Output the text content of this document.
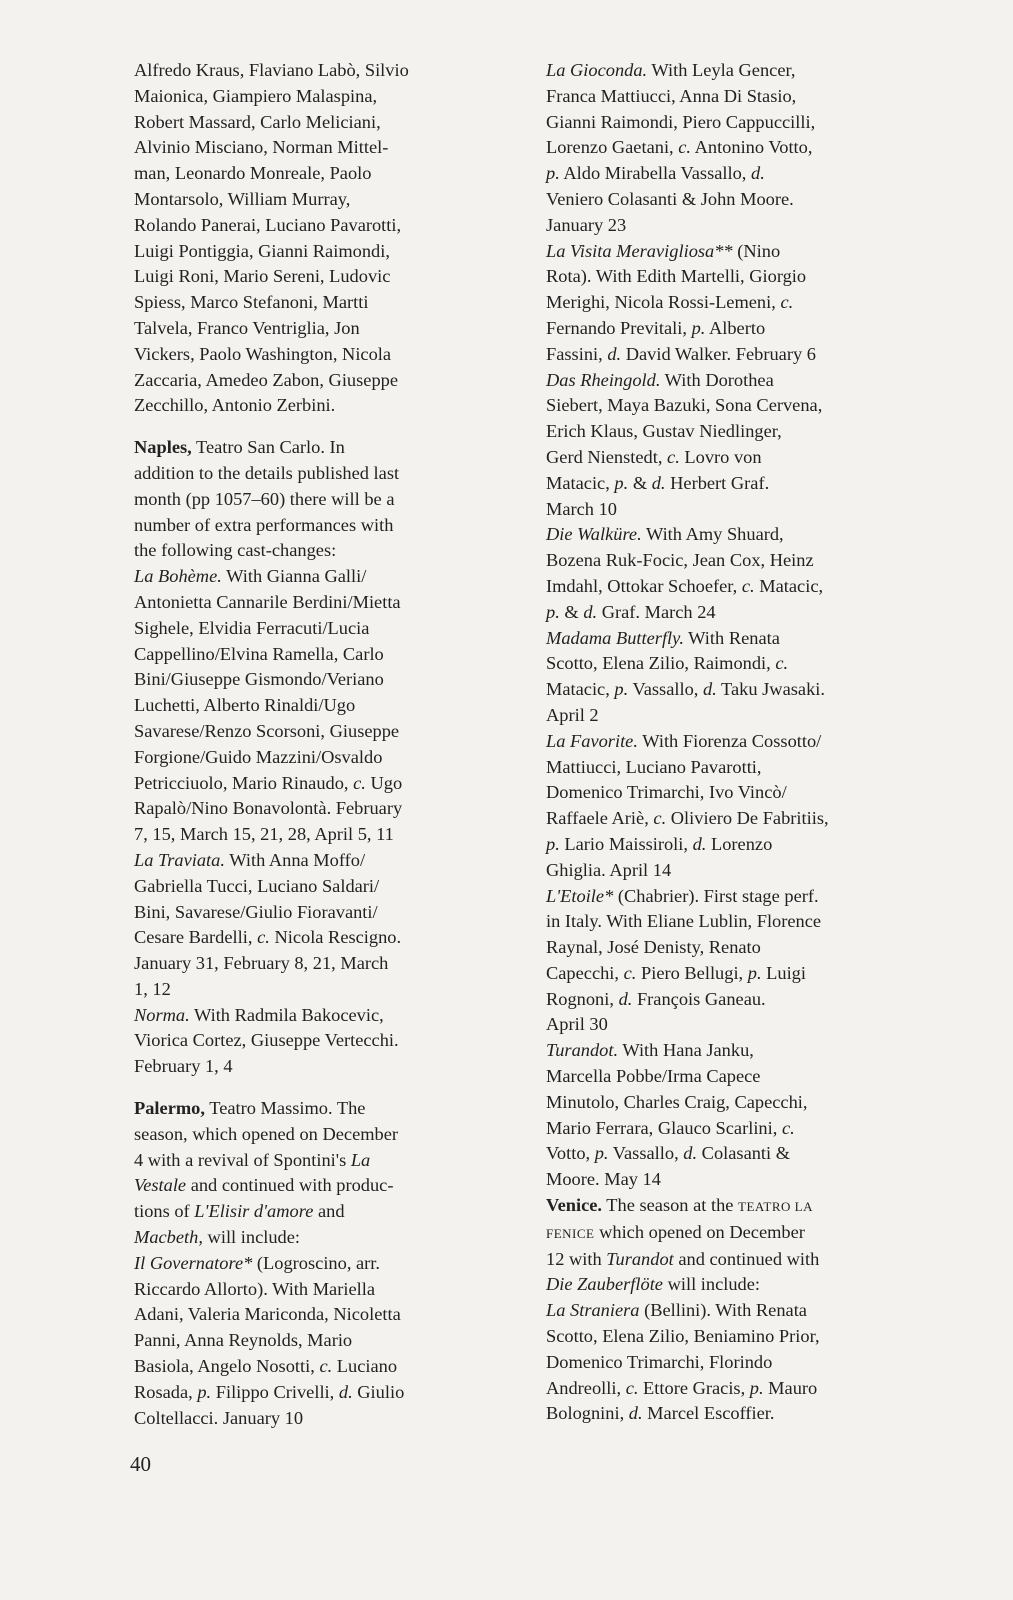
Alfredo Kraus, Flaviano Labò, Silvio
Maionica, Giampiero Malaspina,
Robert Massard, Carlo Meliciani,
Alvinio Misciano, Norman Mittel-
man, Leonardo Monreale, Paolo
Montarsolo, William Murray,
Rolando Panerai, Luciano Pavarotti,
Luigi Pontiggia, Gianni Raimondi,
Luigi Roni, Mario Sereni, Ludovic
Spiess, Marco Stefanoni, Martti
Talvela, Franco Ventriglia, Jon
Vickers, Paolo Washington, Nicola
Zaccaria, Amedeo Zabon, Giuseppe
Zecchillo, Antonio Zerbini.
Naples, Teatro San Carlo. In
addition to the details published last
month (pp 1057–60) there will be a
number of extra performances with
the following cast-changes:
La Bohème. With Gianna Galli/
Antonietta Cannarile Berdini/Mietta
Sighele, Elvidia Ferracuti/Lucia
Cappellino/Elvina Ramella, Carlo
Bini/Giuseppe Gismondo/Veriano
Luchetti, Alberto Rinaldi/Ugo
Savarese/Renzo Scorsoni, Giuseppe
Forgione/Guido Mazzini/Osvaldo
Petricciuolo, Mario Rinaudo, c. Ugo
Rapalò/Nino Bonavolontà. February
7, 15, March 15, 21, 28, April 5, 11
La Traviata. With Anna Moffo/
Gabriella Tucci, Luciano Saldari/
Bini, Savarese/Giulio Fioravanti/
Cesare Bardelli, c. Nicola Rescigno.
January 31, February 8, 21, March
1, 12
Norma. With Radmila Bakocevic,
Viorica Cortez, Giuseppe Vertecchi.
February 1, 4
Palermo, Teatro Massimo. The
season, which opened on December
4 with a revival of Spontini's La
Vestale and continued with produc-
tions of L'Elisir d'amore and
Macbeth, will include:
Il Governatore* (Logroscino, arr.
Riccardo Allorto). With Mariella
Adani, Valeria Mariconda, Nicoletta
Panni, Anna Reynolds, Mario
Basiola, Angelo Nosotti, c. Luciano
Rosada, p. Filippo Crivelli, d. Giulio
Coltellacci. January 10
La Gioconda. With Leyla Gencer,
Franca Mattiucci, Anna Di Stasio,
Gianni Raimondi, Piero Cappuccilli,
Lorenzo Gaetani, c. Antonino Votto,
p. Aldo Mirabella Vassallo, d.
Veniero Colasanti & John Moore.
January 23
La Visita Meravigliosa** (Nino
Rota). With Edith Martelli, Giorgio
Merighi, Nicola Rossi-Lemeni, c.
Fernando Previtali, p. Alberto
Fassini, d. David Walker. February 6
Das Rheingold. With Dorothea
Siebert, Maya Bazuki, Sona Cervena,
Erich Klaus, Gustav Niedlinger,
Gerd Nienstedt, c. Lovro von
Matacic, p. & d. Herbert Graf.
March 10
Die Walküre. With Amy Shuard,
Bozena Ruk-Focic, Jean Cox, Heinz
Imdahl, Ottokar Schoefer, c. Matacic,
p. & d. Graf. March 24
Madama Butterfly. With Renata
Scotto, Elena Zilio, Raimondi, c.
Matacic, p. Vassallo, d. Taku Jwasaki.
April 2
La Favorite. With Fiorenza Cossotto/
Mattiucci, Luciano Pavarotti,
Domenico Trimarchi, Ivo Vincò/
Raffaele Ariè, c. Oliviero De Fabritiis,
p. Lario Maissiroli, d. Lorenzo
Ghiglia. April 14
L'Etoile* (Chabrier). First stage perf.
in Italy. With Eliane Lublin, Florence
Raynal, José Denisty, Renato
Capecchi, c. Piero Bellugi, p. Luigi
Rognoni, d. François Ganeau.
April 30
Turandot. With Hana Janku,
Marcella Pobbe/Irma Capece
Minutolo, Charles Craig, Capecchi,
Mario Ferrara, Glauco Scarlini, c.
Votto, p. Vassallo, d. Colasanti &
Moore. May 14
Venice. The season at the TEATRO LA
FENICE which opened on December
12 with Turandot and continued with
Die Zauberflöte will include:
La Straniera (Bellini). With Renata
Scotto, Elena Zilio, Beniamino Prior,
Domenico Trimarchi, Florindo
Andreolli, c. Ettore Gracis, p. Mauro
Bolognini, d. Marcel Escoffier.
40
